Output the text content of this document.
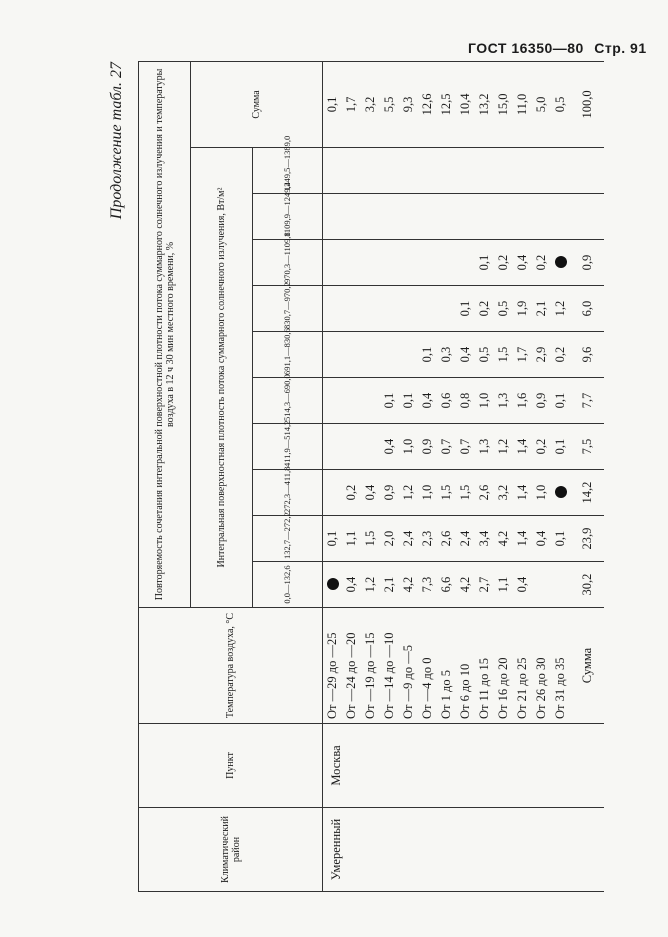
ГОСТ 16350—80 Стр. 91
Продолжение табл. 27
Климатический район	Пункт	Температура воздуха, °С	Повторяемость сочетания интегральной поверхностной плотности потока суммарного солнечного излучения и температуры воздуха в 12 ч 30 мин местного времени, %										
			Интегральная поверхностная плотность потока суммарного солнечного излучения, Вт/м²										Сумма
			0,0—132,6	132,7—272,2	272,3—411,8	411,9—514,2	514,3—690,0	691,1—830,6	830,7—970,2	970,3—1109,8	1109,9—1249,4	1249,5—1389,0	
Умеренный	Москва	От —29 до —25		0,1									0,1
		От —24 до —20	0,4	1,1	0,2								1,7
		От —19 до —15	1,2	1,5	0,4								3,2
		От —14 до —10	2,1	2,0	0,9	0,4	0,1						5,5
		От —9 до —5	4,2	2,4	1,2	1,0	0,1						9,3
		От —4 до 0	7,3	2,3	1,0	0,9	0,4	0,1					12,6
		От 1 до 5	6,6	2,6	1,5	0,7	0,6	0,3					12,5
		От 6 до 10	4,2	2,4	1,5	0,7	0,8	0,4	0,1				10,4
		От 11 до 15	2,7	3,4	2,6	1,3	1,0	0,5	0,2	0,1			13,2
		От 16 до 20	1,1	4,2	3,2	1,2	1,3	1,5	0,5	0,2			15,0
		От 21 до 25	0,4	1,4	1,4	1,4	1,6	1,7	1,9	0,4			11,0
		От 26 до 30		0,4	1,0	0,2	0,9	2,9	2,1	0,2			5,0
		От 31 до 35		0,1		0,1	0,1	0,2	1,2				0,5
		Сумма	30,2	23,9	14,2	7,5	7,7	9,6	6,0	0,9			100,0
